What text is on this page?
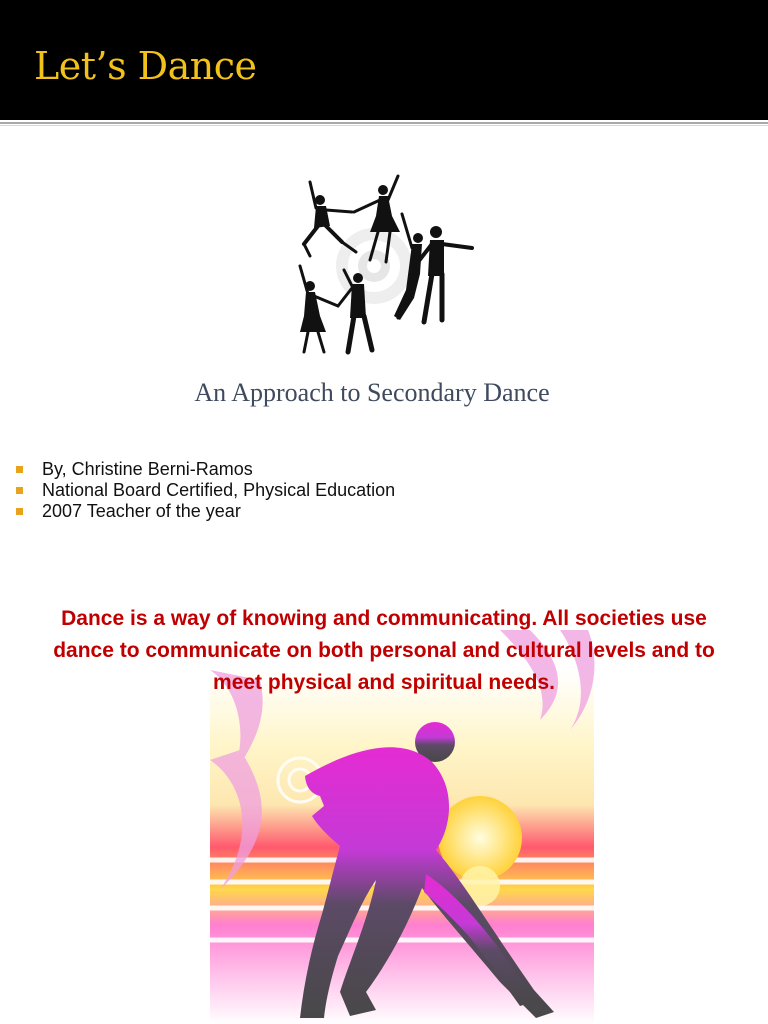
Let’s Dance
An Approach to Secondary Dance
By, Christine Berni-Ramos
National Board Certified, Physical Education
2007 Teacher of the year
Dance is a way of knowing and communicating. All societies use dance to communicate on both personal and cultural levels and to meet physical and spiritual needs.
